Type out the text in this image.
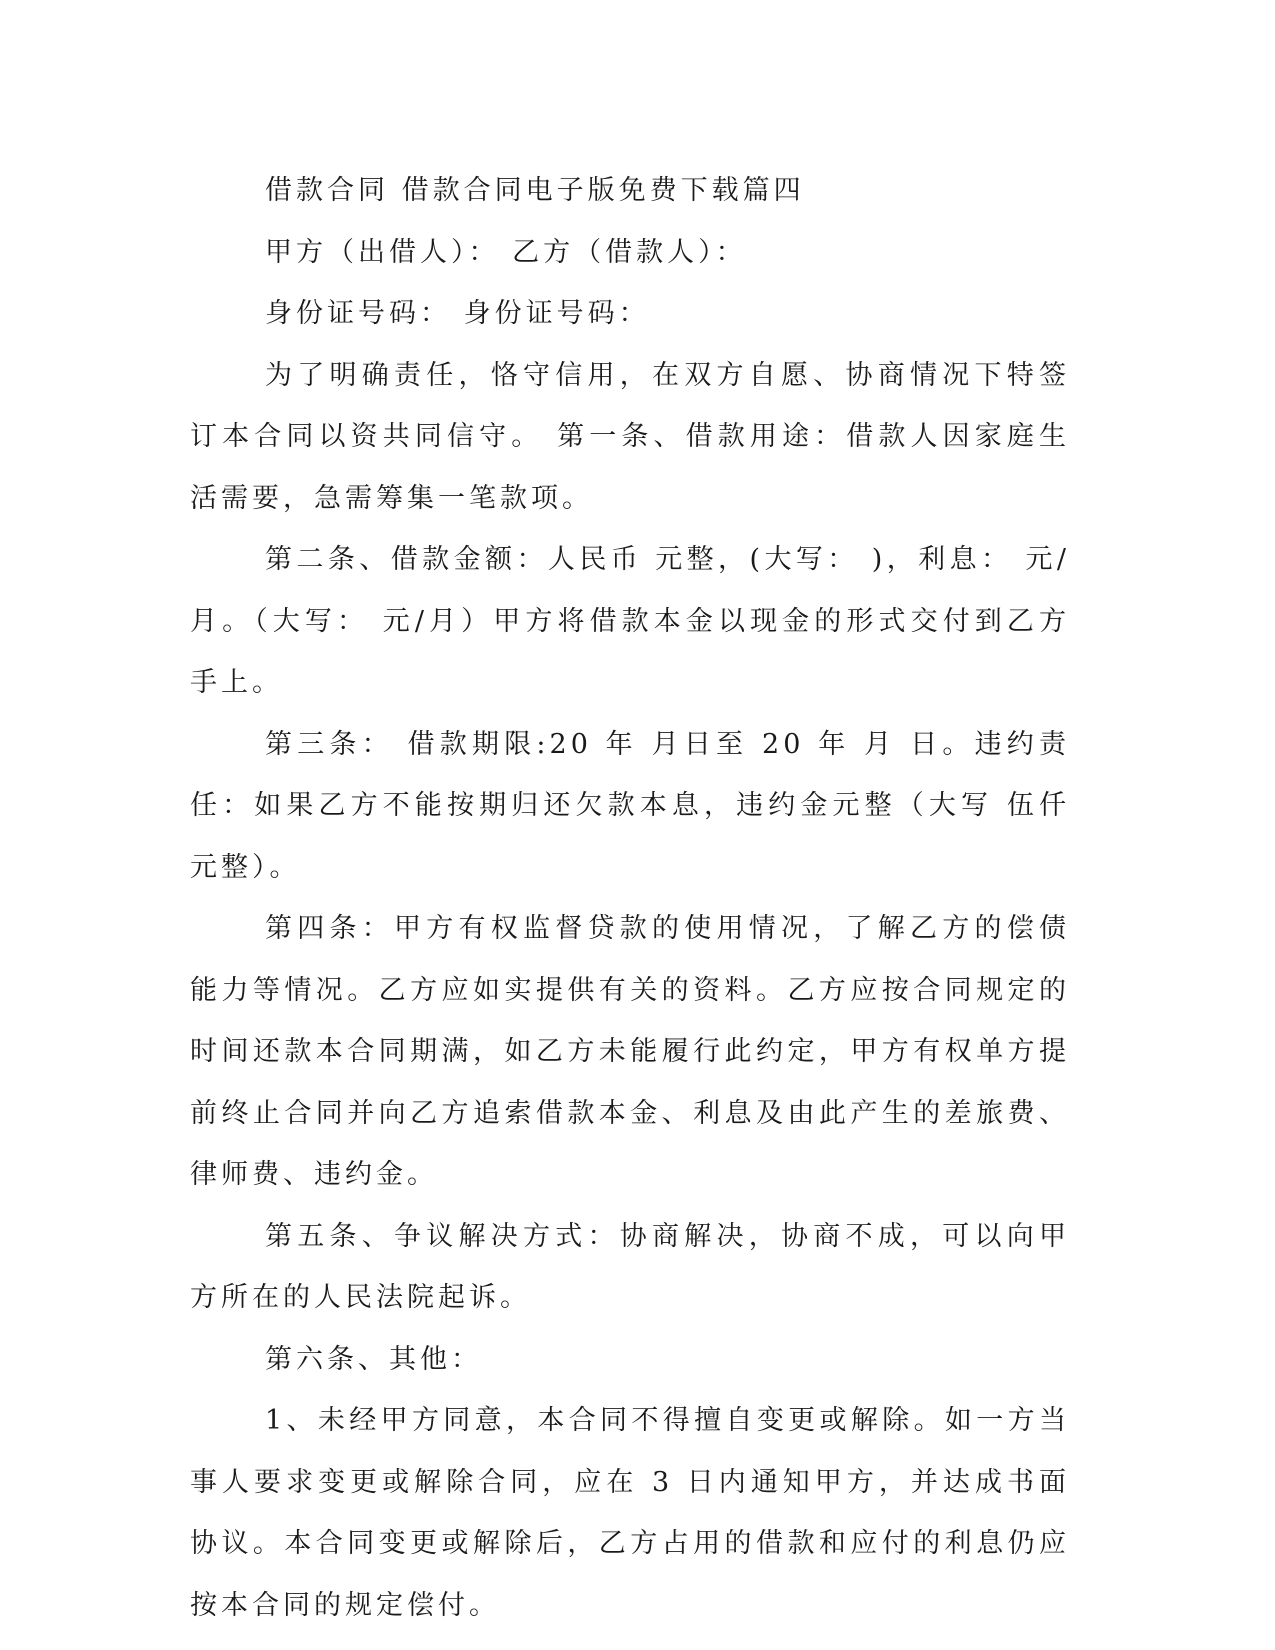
借款合同 借款合同电子版免费下载篇四

甲方（出借人）： 乙方（借款人）：

身份证号码： 身份证号码：

为了明确责任，恪守信用，在双方自愿、协商情况下特签订本合同以资共同信守。 第一条、借款用途：借款人因家庭生活需要，急需筹集一笔款项。

第二条、借款金额：人民币 元整，(大写： )，利息： 元/月。（大写： 元/月）甲方将借款本金以现金的形式交付到乙方手上。

第三条： 借款期限:20 年 月日至 20 年 月 日。违约责任：如果乙方不能按期归还欠款本息，违约金元整（大写 伍仟元整）。

第四条：甲方有权监督贷款的使用情况，了解乙方的偿债能力等情况。乙方应如实提供有关的资料。乙方应按合同规定的时间还款本合同期满，如乙方未能履行此约定，甲方有权单方提前终止合同并向乙方追索借款本金、利息及由此产生的差旅费、律师费、违约金。

第五条、争议解决方式：协商解决，协商不成，可以向甲方所在的人民法院起诉。

第六条、其他：

1、未经甲方同意，本合同不得擅自变更或解除。如一方当事人要求变更或解除合同，应在 3 日内通知甲方，并达成书面协议。本合同变更或解除后，乙方占用的借款和应付的利息仍应按本合同的规定偿付。
